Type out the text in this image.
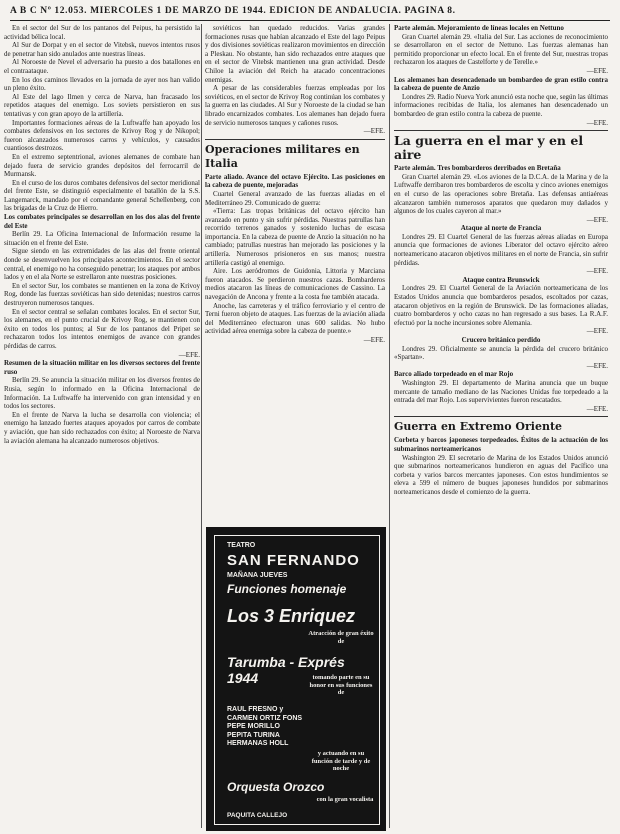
A B C Nº 12.053. MIERCOLES 1 DE MARZO DE 1944. EDICION DE ANDALUCIA. PAGINA 8.

En el sector del Sur de los pantanos del Peipus, ha persistido la actividad bélica local.

Al Sur de Dorpat y en el sector de Vitebsk, nuevos intentos rusos de penetrar han sido anulados ante nuestras líneas.

Al Noroeste de Nevel el adversario ha puesto a dos batallones en el contraataque.

En los dos caminos llevados en la jornada de ayer nos han valido un pleno éxito.

Al Este del lago Ilmen y cerca de Narva, han fracasado los repetidos ataques del enemigo. Los soviets persistieron en sus tentativas y con gran apoyo de la artillería.

Importantes formaciones aéreas de la Luftwaffe han apoyado los combates defensivos en los sectores de Krivoy Rog y de Nikopol; fueron alcanzados numerosos carros y vehículos, y causados cuantiosos destrozos.

En el extremo septentrional, aviones alemanes de combate han dejado fuera de servicio grandes depósitos del ferrocarril de Murmansk.

En el curso de los duros combates defensivos del sector meridional del frente Este, se distinguió especialmente el batallón de la S.S. Langemarck, mandado por el comandante general Schellenberg, con las brigadas de la Cruz de Hierro.

Los combates principales se desarrollan en los dos alas del frente del Este

Berlín 29. La Oficina Internacional de Información resume la situación en el frente del Este.

Sigue siendo en las extremidades de las alas del frente oriental donde se desenvuelven los principales acontecimientos. En el sector central, el enemigo no ha conseguido penetrar; los ataques por ambos lados y en el ala Norte se estrellaron ante nuestras posiciones.

En el sector Sur, los combates se mantienen en la zona de Krivoy Rog, donde las fuerzas soviéticas han sido detenidas; nuestros carros destruyeron numerosos tanques.

En el sector central se señalan combates locales. En el sector Sur, los alemanes, en el punto crucial de Krivoy Rog, se mantienen con éxito en todos los puntos; al Sur de los pantanos del Pripet se rechazaron todos los intentos enemigos de avance con grandes pérdidas de carros.

—EFE.

Resumen de la situación militar en los diversos sectores del frente ruso

Berlín 29. Se anuncia la situación militar en los diversos frentes de Rusia, según lo informado en la Oficina Internacional de Información. La Luftwaffe ha intervenido con gran intensidad y en todos los sectores.

En el frente de Narva la lucha se desarrolla con violencia; el enemigo ha lanzado fuertes ataques apoyados por carros de combate y aviación, que han sido rechazados con éxito; al Noroeste de Narva la aviación alemana ha alcanzado numerosos objetivos.

soviéticos han quedado reducidos. Varias grandes formaciones rusas que habían alcanzado el Este del lago Peipus y dos divisiones soviéticas realizaron movimientos en dirección a Pleskau. No obstante, han sido rechazados entre ataques que en el sector de Vitebsk mantienen una gran actividad. Desde Chiloe la aviación del Reich ha atacado concentraciones enemigas.

A pesar de las considerables fuerzas empleadas por los soviéticos, en el sector de Krivoy Rog continúan los combates y la guerra en las ciudades. Al Sur y Noroeste de la ciudad se han librado encarnizados combates. Los alemanes han dejado fuera de servicio numerosos tanques y cañones rusos.

—EFE.

Operaciones militares en Italia

Parte aliado. Avance del octavo Ejército. Las posiciones en la cabeza de puente, mejoradas

Cuartel General avanzado de las fuerzas aliadas en el Mediterráneo 29. Comunicado de guerra:

«Tierra: Las tropas británicas del octavo ejército han avanzado en punto y sin sufrir pérdidas. Nuestras patrullas han recorrido terrenos ganados y sostenido luchas de escasa importancia. En la cabeza de puente de Anzio la situación no ha cambiado; patrullas nuestras han mejorado las posiciones y la artillería. Numerosos prisioneros en sus manos; nuestra artillería castigó al enemigo.

Aire. Los aeródromos de Guidonia, Littoria y Marciana fueron atacados. Se perdieron nuestros cazas. Bombarderos medios atacaron las líneas de comunicaciones de Cassino. La navegación de Ancona y frente a la costa fue también atacada.

Anoche, las carreteras y el tráfico ferroviario y el centro de Terni fueron objeto de ataques. Las fuerzas de la aviación aliada del Mediterráneo efectuaron unas 600 salidas. No hubo actividad aérea enemiga sobre la cabeza de puente.»

—EFE.

TEATRO
SAN FERNANDO
MAÑANA JUEVES
Funciones homenaje
Los 3 Enriquez
Atracción de gran éxito de
Tarumba - Exprés 1944	tomando parte en su honor en sus funciones de
RAUL FRESNO y
CARMEN ORTIZ FONS
PEPE MORILLO
PEPITA TURINA
HERMANAS HOLL
y actuando en su función de tarde y de noche
Orquesta Orozco
con la gran vocalista
PAQUITA CALLEJO

Parte alemán. Mejoramiento de líneas locales en Nettuno

Gran Cuartel alemán 29. «Italia del Sur. Las acciones de reconocimiento se desarrollaron en el sector de Nettuno. Las fuerzas alemanas han permitido proporcionar un efecto local. En el frente del Sur, nuestras tropas rechazaron los ataques de Castelforte y de Terelle.»

—EFE.

Los alemanes han desencadenado un bombardeo de gran estilo contra la cabeza de puente de Anzio

Londres 29. Radio Nueva York anunció esta noche que, según las últimas informaciones recibidas de Italia, los alemanes han desencadenado un bombardeo de gran estilo contra la cabeza de puente.

—EFE.

La guerra en el mar y en el aire

Parte alemán. Tres bombarderos derribados en Bretaña

Gran Cuartel alemán 29. «Los aviones de la D.C.A. de la Marina y de la Luftwaffe derribaron tres bombarderos de escolta y cinco aviones enemigos en el curso de las operaciones sobre Bretaña. Las defensas antiaéreas alcanzaron también numerosos aparatos que quedaron muy dañados y algunos de los cuales cayeron al mar.»

—EFE.

Ataque al norte de Francia

Londres 29. El Cuartel General de las fuerzas aéreas aliadas en Europa anuncia que formaciones de aviones Liberator del octavo ejército aéreo norteamericano atacaron objetivos militares en el norte de Francia, sin sufrir pérdidas.

—EFE.

Ataque contra Brunswick

Londres 29. El Cuartel General de la Aviación norteamericana de los Estados Unidos anuncia que bombarderos pesados, escoltados por cazas, atacaron objetivos en la región de Brunswick. De las formaciones aliadas, cuatro bombarderos y ocho cazas no han regresado a sus bases. La R.A.F. efectuó por la noche incursiones sobre Alemania.

—EFE.

Crucero británico perdido

Londres 29. Oficialmente se anuncia la pérdida del crucero británico «Spartan».

—EFE.

Barco aliado torpedeado en el mar Rojo

Washington 29. El departamento de Marina anuncia que un buque mercante de tamaño mediano de las Naciones Unidas fue torpedeado a la entrada del mar Rojo. Los supervivientes fueron rescatados.

—EFE.

Guerra en Extremo Oriente

Corbeta y barcos japoneses torpedeados. Éxitos de la actuación de los submarinos norteamericanos

Washington 29. El secretario de Marina de los Estados Unidos anunció que submarinos norteamericanos hundieron en aguas del Pacífico una corbeta y varios barcos mercantes japoneses. Con estos hundimientos se eleva a 599 el número de buques japoneses hundidos por submarinos norteamericanos desde el comienzo de la guerra.
